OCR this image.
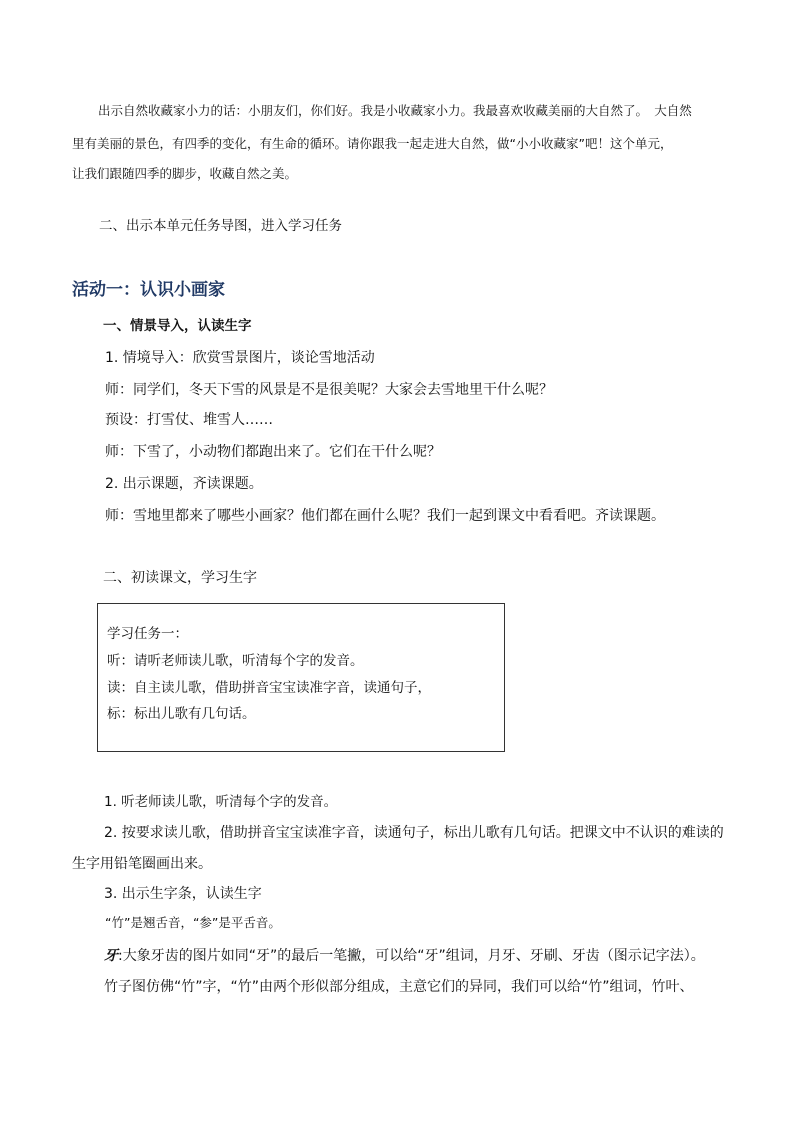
出示自然收藏家小力的话：小朋友们，你们好。我是小收藏家小力。我最喜欢收藏美丽的大自然了。　大自然
里有美丽的景色，有四季的变化，有生命的循环。请你跟我一起走进大自然，做“小小收藏家”吧！这个单元，
让我们跟随四季的脚步，收藏自然之美。
二、出示本单元任务导图，进入学习任务
活动一：认识小画家
一、情景导入，认读生字
1. 情境导入：欣赏雪景图片，谈论雪地活动
师：同学们，冬天下雪的风景是不是很美呢？大家会去雪地里干什么呢？
预设：打雪仗、堆雪人……
师：下雪了，小动物们都跑出来了。它们在干什么呢？
2. 出示课题，齐读课题。
师：雪地里都来了哪些小画家？他们都在画什么呢？我们一起到课文中看看吧。齐读课题。
二、初读课文，学习生字
学习任务一：
听：请听老师读儿歌，听清每个字的发音。
读：自主读儿歌，借助拼音宝宝读准字音，读通句子，
标：标出儿歌有几句话。
1. 听老师读儿歌，听清每个字的发音。
2. 按要求读儿歌，借助拼音宝宝读准字音，读通句子，标出儿歌有几句话。把课文中不认识的难读的
生字用铅笔圈画出来。
3. 出示生字条，认读生字
“竹”是翘舌音，“参”是平舌音。
牙:大象牙齿的图片如同“牙”的最后一笔撇，可以给“牙”组词，月牙、牙刷、牙齿（图示记字法）。
竹子图仿佛“竹”字，“竹”由两个形似部分组成，主意它们的异同，我们可以给“竹”组词，竹叶、
